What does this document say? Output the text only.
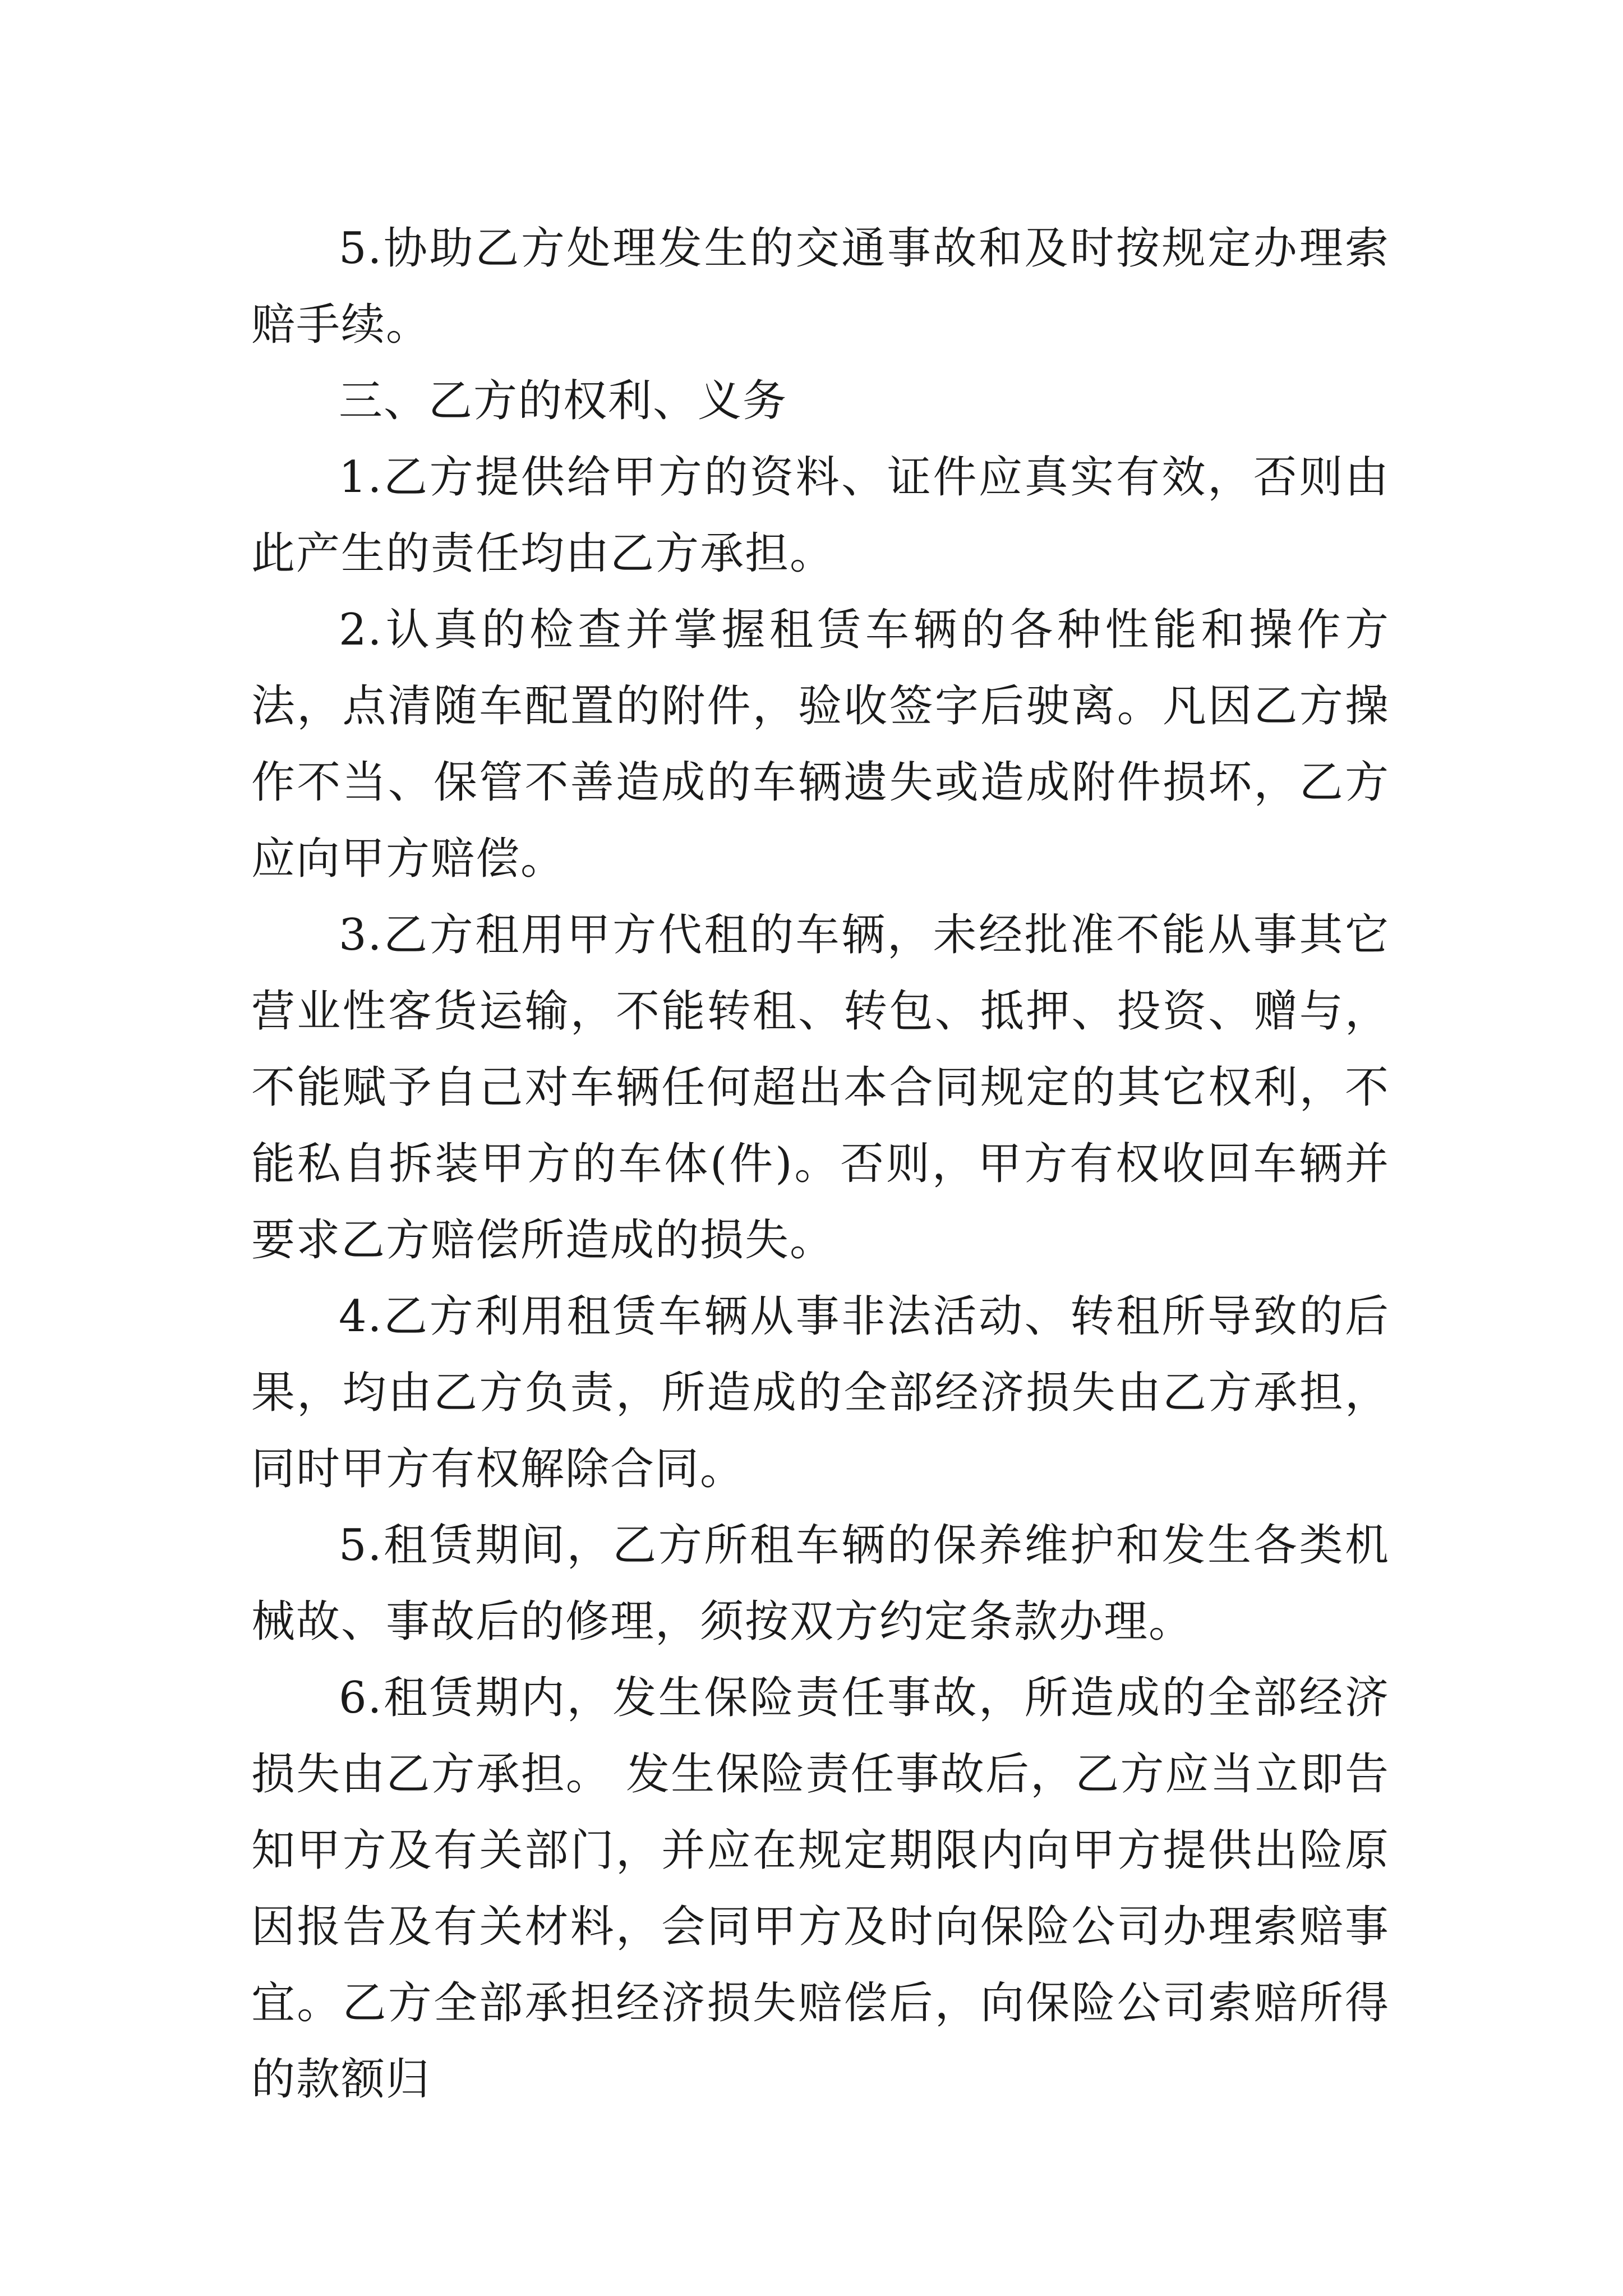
5.协助乙方处理发生的交通事故和及时按规定办理索赔手续。

三、乙方的权利、义务

1.乙方提供给甲方的资料、证件应真实有效，否则由此产生的责任均由乙方承担。

2.认真的检查并掌握租赁车辆的各种性能和操作方法，点清随车配置的附件，验收签字后驶离。凡因乙方操作不当、保管不善造成的车辆遗失或造成附件损坏，乙方应向甲方赔偿。

3.乙方租用甲方代租的车辆，未经批准不能从事其它营业性客货运输，不能转租、转包、抵押、投资、赠与，不能赋予自己对车辆任何超出本合同规定的其它权利，不能私自拆装甲方的车体(件)。否则，甲方有权收回车辆并要求乙方赔偿所造成的损失。

4.乙方利用租赁车辆从事非法活动、转租所导致的后果，均由乙方负责，所造成的全部经济损失由乙方承担，同时甲方有权解除合同。

5.租赁期间，乙方所租车辆的保养维护和发生各类机械故、事故后的修理，须按双方约定条款办理。

6.租赁期内，发生保险责任事故，所造成的全部经济损失由乙方承担。 发生保险责任事故后，乙方应当立即告知甲方及有关部门，并应在规定期限内向甲方提供出险原因报告及有关材料，会同甲方及时向保险公司办理索赔事宜。乙方全部承担经济损失赔偿后，向保险公司索赔所得的款额归
